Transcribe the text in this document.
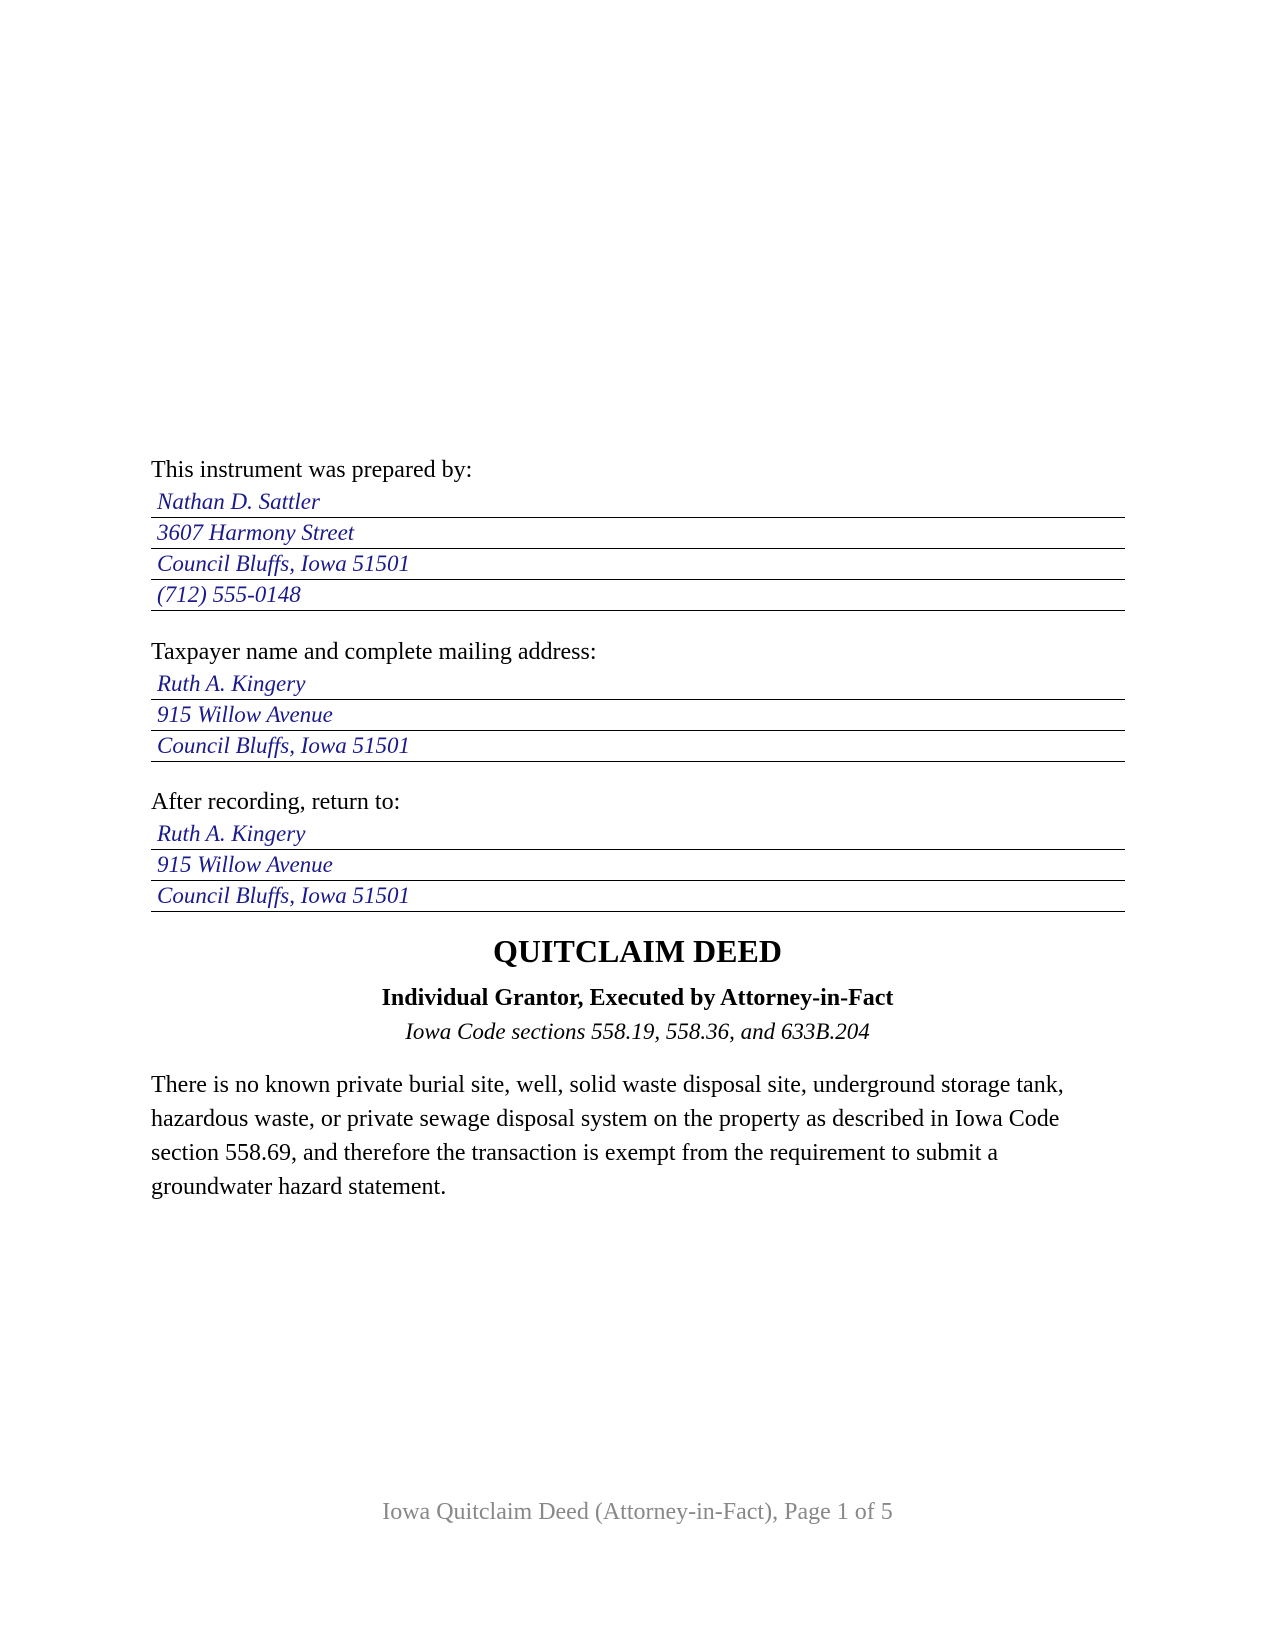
This instrument was prepared by:
Nathan D. Sattler
3607 Harmony Street
Council Bluffs, Iowa 51501
(712) 555-0148
Taxpayer name and complete mailing address:
Ruth A. Kingery
915 Willow Avenue
Council Bluffs, Iowa 51501
After recording, return to:
Ruth A. Kingery
915 Willow Avenue
Council Bluffs, Iowa 51501
QUITCLAIM DEED
Individual Grantor, Executed by Attorney-in-Fact
Iowa Code sections 558.19, 558.36, and 633B.204

There is no known private burial site, well, solid waste disposal site, underground storage tank, hazardous waste, or private sewage disposal system on the property as described in Iowa Code section 558.69, and therefore the transaction is exempt from the requirement to submit a groundwater hazard statement.

Iowa Quitclaim Deed (Attorney-in-Fact), Page 1 of 5
